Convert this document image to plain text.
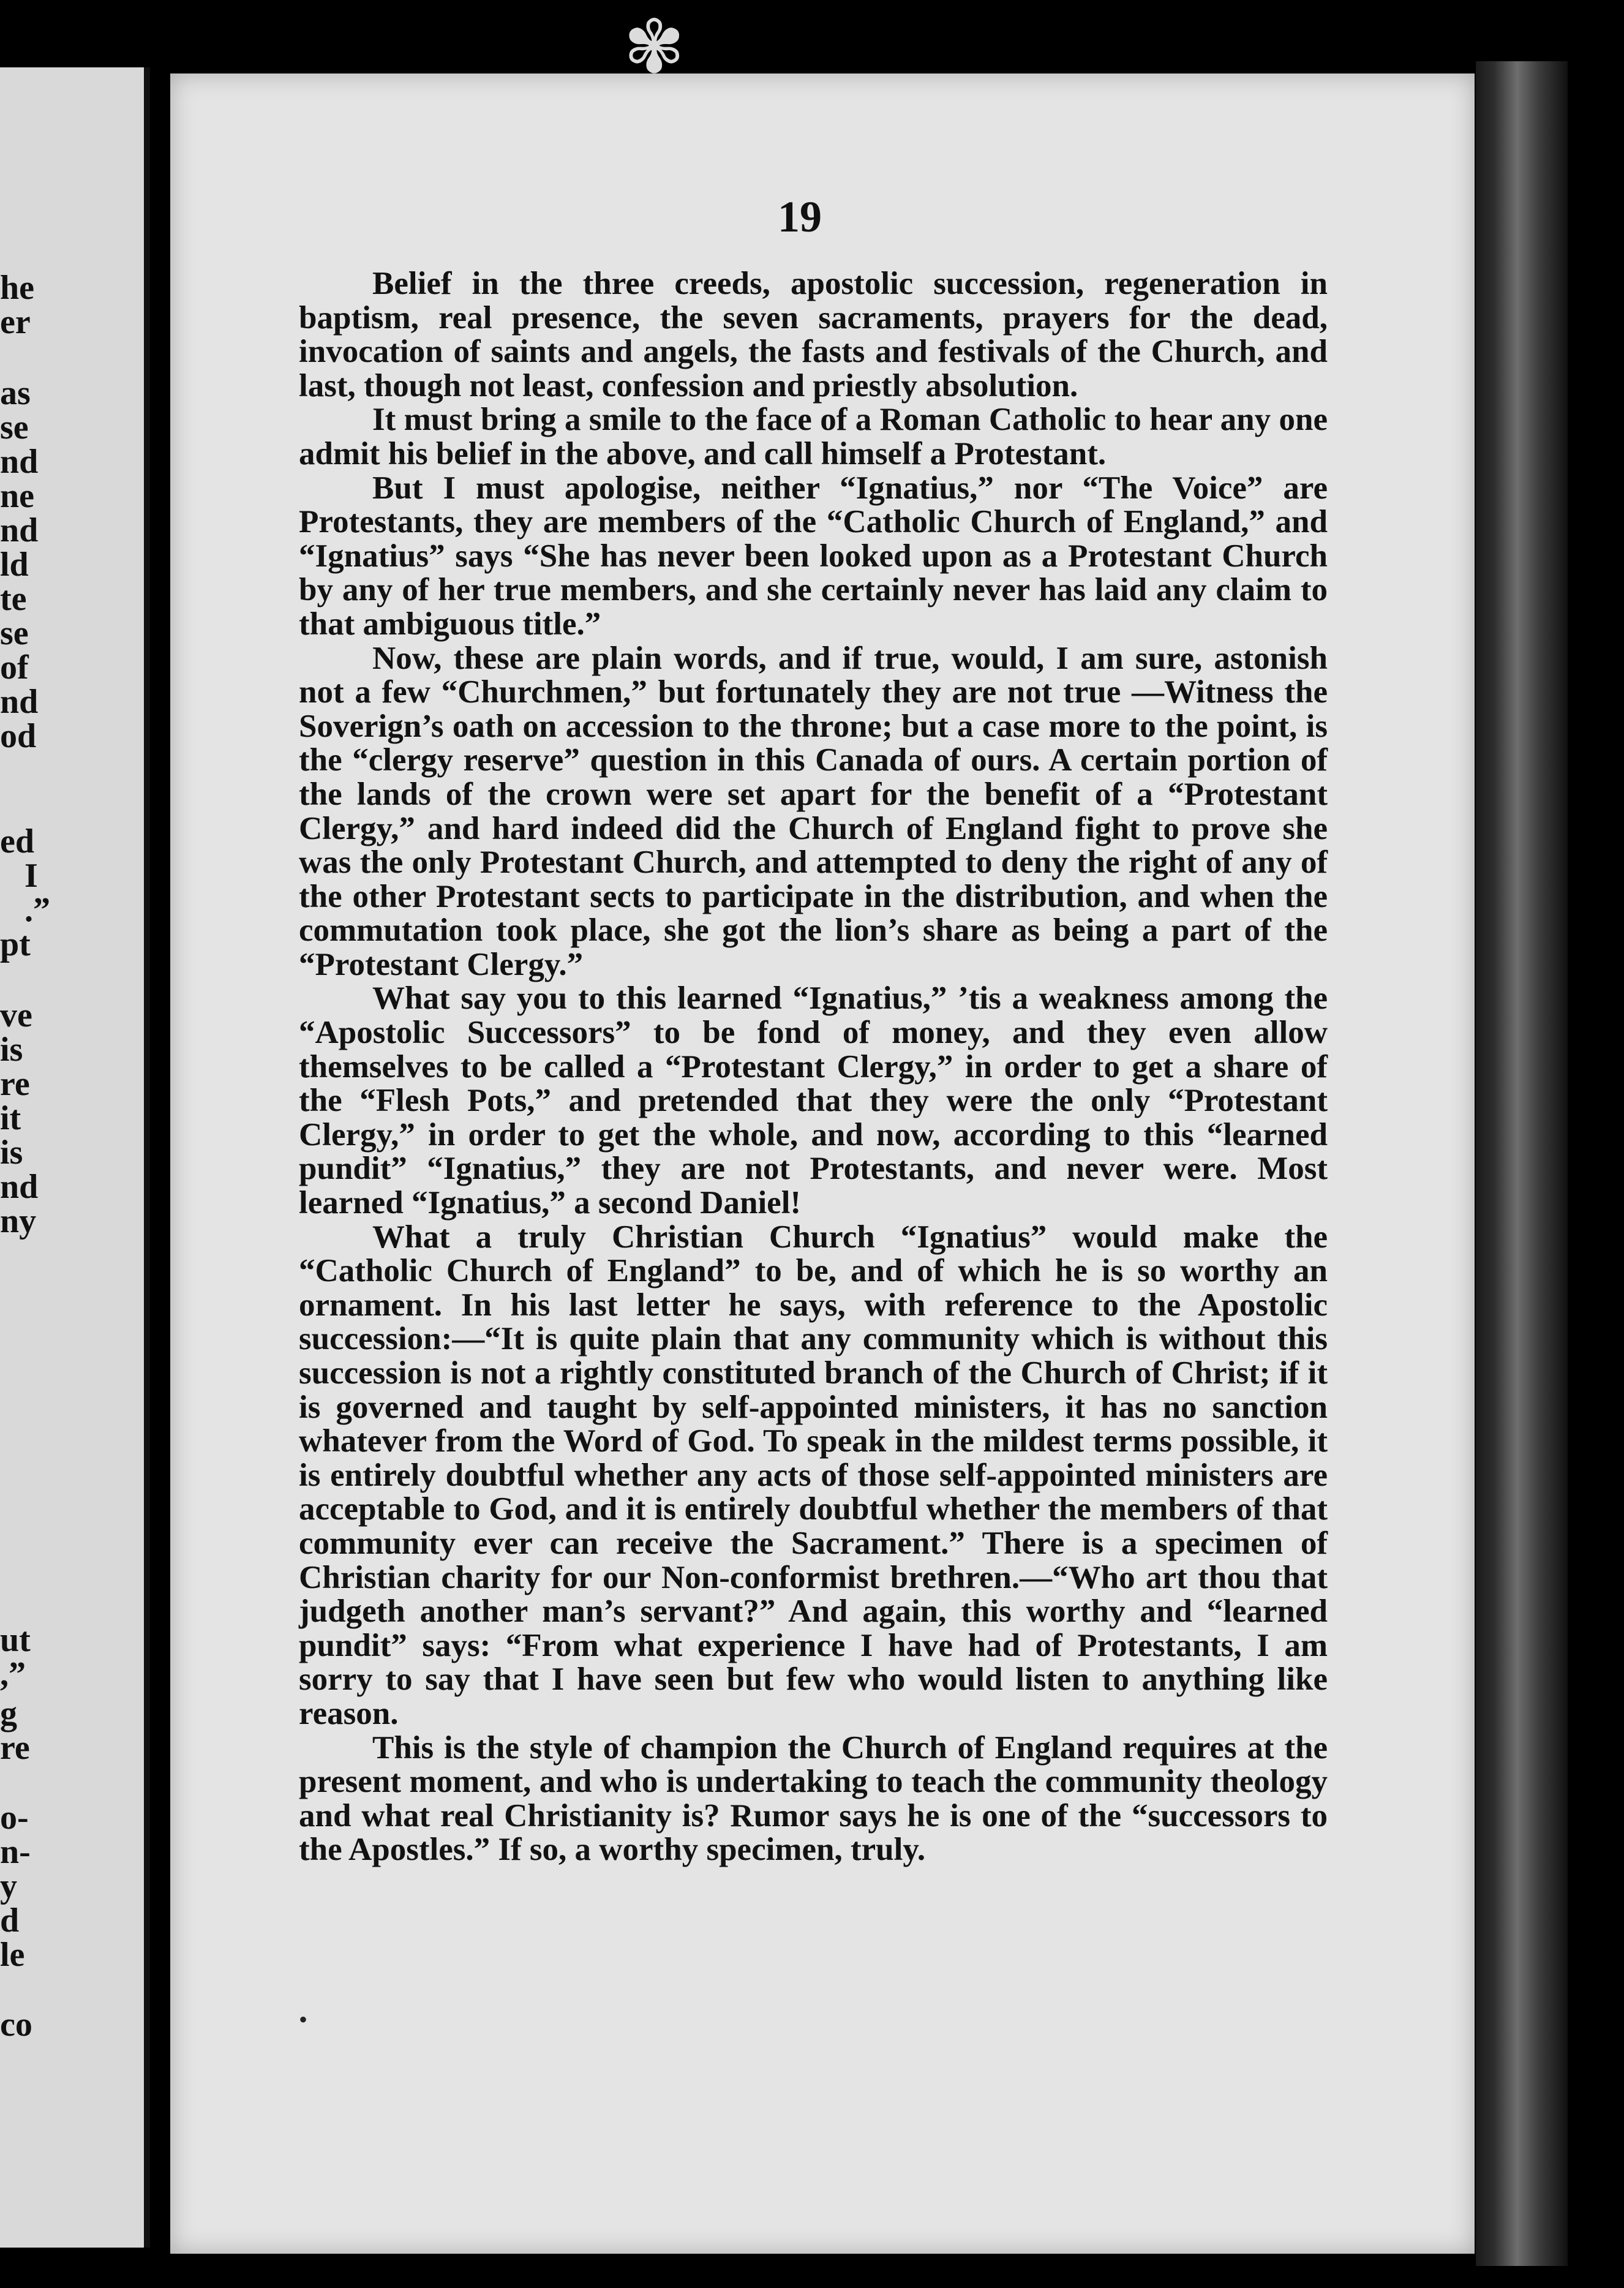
he
er
as
se
nd
ne
nd
ld
te
se
of
nd
od
ed
I
.”
pt
ve
is
re
it
is
nd
ny
ut
,”
g
re
o-
n-
y
d
le
co
✾
19

Belief in the three creeds, apostolic succession, regeneration in baptism, real presence, the seven sacraments, prayers for the dead, invocation of saints and angels, the fasts and festivals of the Church, and last, though not least, confession and priestly absolution.

It must bring a smile to the face of a Roman Catholic to hear any one admit his belief in the above, and call himself a Protestant.

But I must apologise, neither “Ignatius,” nor “The Voice” are Protestants, they are members of the “Catholic Church of England,” and “Ignatius” says “She has never been looked upon as a Protestant Church by any of her true members, and she certainly never has laid any claim to that ambiguous title.”

Now, these are plain words, and if true, would, I am sure, astonish not a few “Churchmen,” but fortunately they are not true —Witness the Soverign’s oath on accession to the throne; but a case more to the point, is the “clergy reserve” question in this Canada of ours. A certain portion of the lands of the crown were set apart for the benefit of a “Protestant Clergy,” and hard indeed did the Church of England fight to prove she was the only Protestant Church, and attempted to deny the right of any of the other Protestant sects to participate in the distribution, and when the commutation took place, she got the lion’s share as being a part of the “Protestant Clergy.”

What say you to this learned “Ignatius,” ’tis a weakness among the “Apostolic Successors” to be fond of money, and they even allow themselves to be called a “Protestant Clergy,” in order to get a share of the “Flesh Pots,” and pretended that they were the only “Protestant Clergy,” in order to get the whole, and now, according to this “learned pundit” “Ignatius,” they are not Protestants, and never were. Most learned “Ignatius,” a second Daniel!

What a truly Christian Church “Ignatius” would make the “Catholic Church of England” to be, and of which he is so worthy an ornament. In his last letter he says, with reference to the Apostolic succession:—“It is quite plain that any community which is without this succession is not a rightly constituted branch of the Church of Christ; if it is governed and taught by self-appointed ministers, it has no sanction whatever from the Word of God. To speak in the mildest terms possible, it is entirely doubtful whether any acts of those self-appointed ministers are acceptable to God, and it is entirely doubtful whether the members of that community ever can receive the Sacrament.” There is a specimen of Christian charity for our Non-conformist brethren.—“Who art thou that judgeth another man’s servant?” And again, this worthy and “learned pundit” says: “From what experience I have had of Protestants, I am sorry to say that I have seen but few who would listen to anything like reason.

This is the style of champion the Church of England requires at the present moment, and who is undertaking to teach the community theology and what real Christianity is? Rumor says he is one of the “successors to the Apostles.” If so, a worthy specimen, truly.

•
